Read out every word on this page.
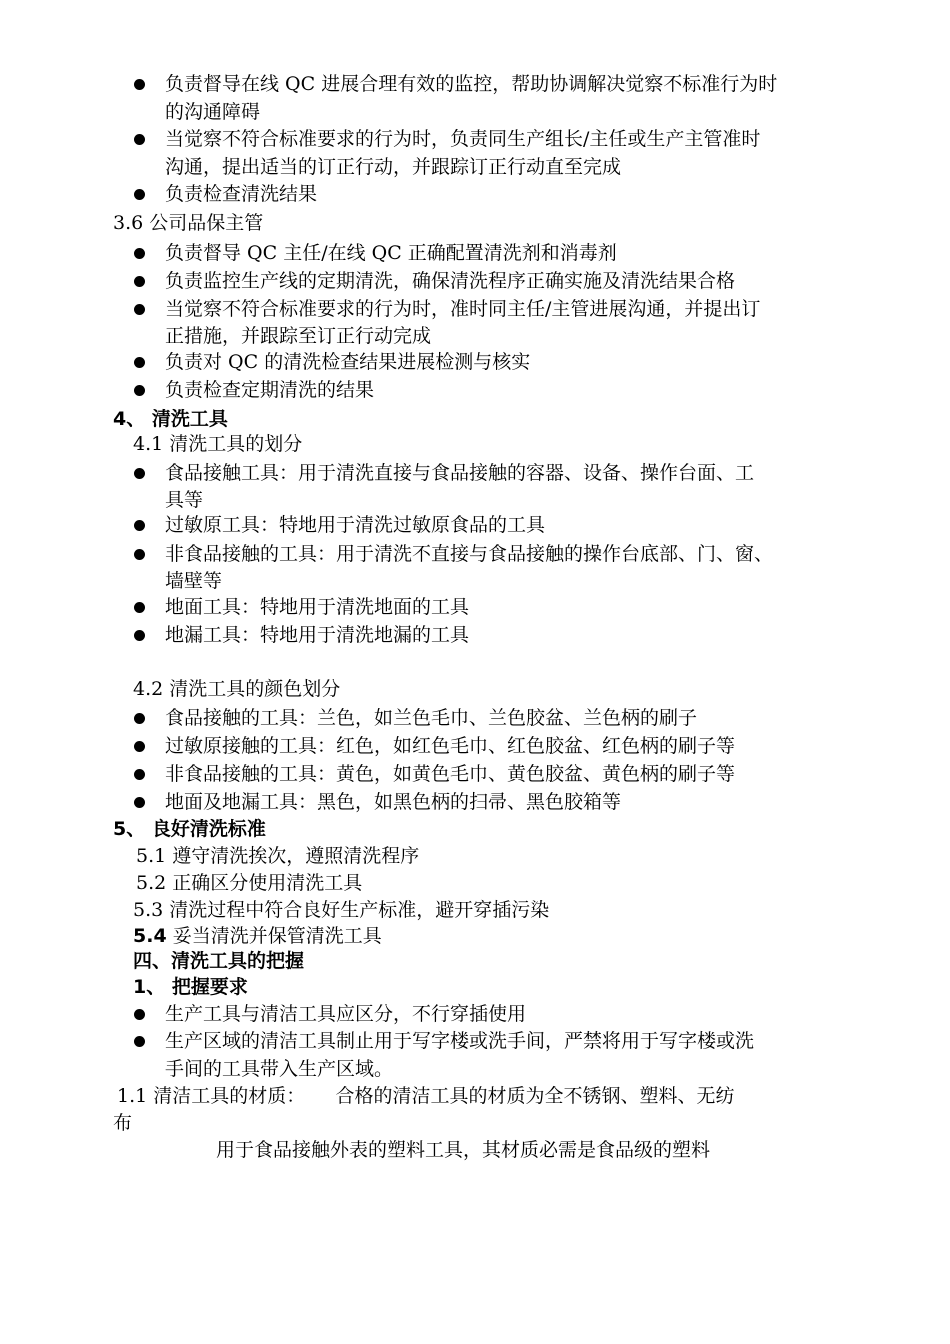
负责督导在线 QC 进展合理有效的监控，帮助协调解决觉察不标准行为时
的沟通障碍
当觉察不符合标准要求的行为时，负责同生产组长/主任或生产主管准时
沟通，提出适当的订正行动，并跟踪订正行动直至完成
负责检查清洗结果
3.6 公司品保主管
负责督导 QC 主任/在线 QC 正确配置清洗剂和消毒剂
负责监控生产线的定期清洗，确保清洗程序正确实施及清洗结果合格
当觉察不符合标准要求的行为时，准时同主任/主管进展沟通，并提出订
正措施，并跟踪至订正行动完成
负责对 QC 的清洗检查结果进展检测与核实
负责检查定期清洗的结果
4、 清洗工具
4.1 清洗工具的划分
食品接触工具：用于清洗直接与食品接触的容器、设备、操作台面、工
具等
过敏原工具：特地用于清洗过敏原食品的工具
非食品接触的工具：用于清洗不直接与食品接触的操作台底部、门、窗、
墙壁等
地面工具：特地用于清洗地面的工具
地漏工具：特地用于清洗地漏的工具
4.2 清洗工具的颜色划分
食品接触的工具：兰色，如兰色毛巾、兰色胶盆、兰色柄的刷子
过敏原接触的工具：红色，如红色毛巾、红色胶盆、红色柄的刷子等
非食品接触的工具：黄色，如黄色毛巾、黄色胶盆、黄色柄的刷子等
地面及地漏工具：黑色，如黑色柄的扫帚、黑色胶箱等
5、 良好清洗标准
5.1 遵守清洗挨次，遵照清洗程序
5.2 正确区分使用清洗工具
5.3 清洗过程中符合良好生产标准，避开穿插污染
5.4 妥当清洗并保管清洗工具
四、清洗工具的把握
1、 把握要求
生产工具与清洁工具应区分，不行穿插使用
生产区域的清洁工具制止用于写字楼或洗手间，严禁将用于写字楼或洗
手间的工具带入生产区域。
1.1 清洁工具的材质：     合格的清洁工具的材质为全不锈钢、塑料、无纺
布
用于食品接触外表的塑料工具，其材质必需是食品级的塑料
